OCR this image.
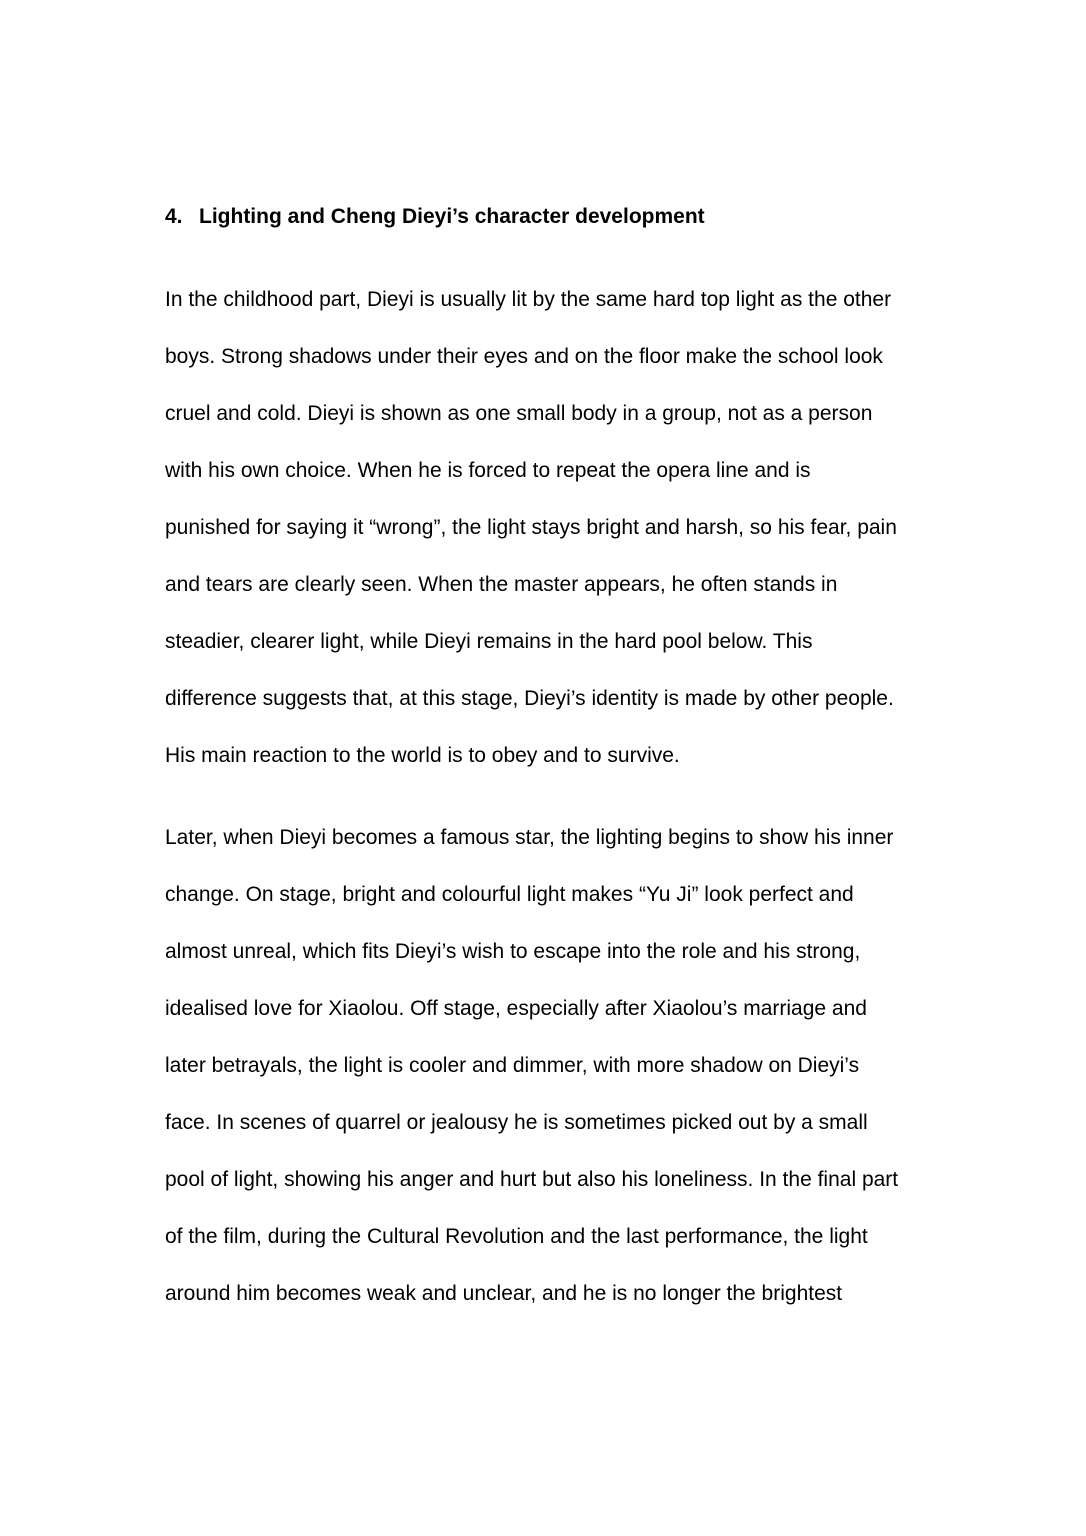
4. Lighting and Cheng Dieyi’s character development
In the childhood part, Dieyi is usually lit by the same hard top light as the other
boys. Strong shadows under their eyes and on the floor make the school look
cruel and cold. Dieyi is shown as one small body in a group, not as a person
with his own choice. When he is forced to repeat the opera line and is
punished for saying it “wrong”, the light stays bright and harsh, so his fear, pain
and tears are clearly seen. When the master appears, he often stands in
steadier, clearer light, while Dieyi remains in the hard pool below. This
difference suggests that, at this stage, Dieyi’s identity is made by other people.
His main reaction to the world is to obey and to survive.
Later, when Dieyi becomes a famous star, the lighting begins to show his inner
change. On stage, bright and colourful light makes “Yu Ji” look perfect and
almost unreal, which fits Dieyi’s wish to escape into the role and his strong,
idealised love for Xiaolou. Off stage, especially after Xiaolou’s marriage and
later betrayals, the light is cooler and dimmer, with more shadow on Dieyi’s
face. In scenes of quarrel or jealousy he is sometimes picked out by a small
pool of light, showing his anger and hurt but also his loneliness. In the final part
of the film, during the Cultural Revolution and the last performance, the light
around him becomes weak and unclear, and he is no longer the brightest
